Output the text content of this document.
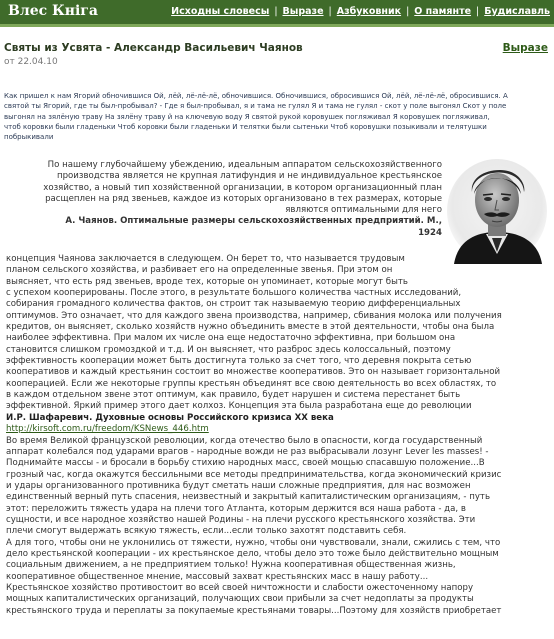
Влес Кнiга	Исходны словесы | Выразе | Азбуковник | О памянте | Будиславль
Святы из Усвята - Александр Васильевич Чаянов	Выразе
от 22.04.10
Как пришел к нам Ягорий обночившися Ой, лёй, лё-лё-лё, обночившися. Обночившися, обросившися Ой, лёй, лё-лё-лё, обросившися. А
святой ты Ягорий, где ты был-пробывал? - Где я был-пробывал, я и тама не гулял Я и тама не гулял - скот у поле выгонял Скот у поле
выгонял на зялёную траву На зялёну траву й на ключевую воду Я святой рукой коровушек погляживал Я коровушек погляживал,
чтоб коровки были гладеньки Чтоб коровки были гладеньки И телятки были сытеньки Чтоб коровушки позыкивали и телятушки
побрыкивали
По нашему глубочайшему убеждению, идеальным аппаратом сельскохозяйственного
производства является не крупная латифундия и не индивидуальное крестьянское
хозяйство, а новый тип хозяйственной организации, в котором организационный план
расщеплен на ряд звеньев, каждое из которых организовано в тех размерах, которые
являются оптимальными для него
А. Чаянов. Оптимальные размеры сельскохозяйственных предприятий. М.,
1924
концепция Чаянова заключается в следующем. Он берет то, что называется трудовым
планом сельского хозяйства, и разбивает его на определенные звенья. При этом он
выясняет, что есть ряд звеньев, вроде тех, которые он упоминает, которые могут быть
с успехом кооперированы. После этого, в результате большого количества частных исследований,
собирания громадного количества фактов, он строит так называемую теорию дифференциальных
оптимумов. Это означает, что для каждого звена производства, например, сбивания молока или получения
кредитов, он выясняет, сколько хозяйств нужно объединить вместе в этой деятельности, чтобы она была
наиболее эффективна. При малом их числе она еще недостаточно эффективна, при большом она
становится слишком громоздкой и т.д. И он выясняет, что разброс здесь колоссальный, поэтому
эффективность кооперации может быть достигнута только за счет того, что деревня покрыта сетью
кооперативов и каждый крестьянин состоит во множестве кооперативов. Это он называет горизонтальной
кооперацией. Если же некоторые группы крестьян объединят все свою деятельность во всех областях, то
в каждом отдельном звене этот оптимум, как правило, будет нарушен и система перестанет быть
эффективной. Яркий пример этого дает колхоз. Концепция эта была разработана еще до революции
И.Р. Шафаревич. Духовные основы Российского кризиса XX века
http://kirsoft.com.ru/freedom/KSNews_446.htm
Во время Великой французской революции, когда отечество было в опасности, когда государственный
аппарат колебался под ударами врагов - народные вожди не раз выбрасывали лозунг Lever les masses! -
Поднимайте массы - и бросали в борьбу стихию народных масс, своей мощью спасавшую положение...В
грозный час, когда окажутся бессильными все методы предпринимательства, когда экономический кризис
и удары организованного противника будут сметать наши сложные предприятия, для нас возможен
единственный верный путь спасения, неизвестный и закрытый капиталистическим организациям, - путь
этот: переложить тяжесть удара на плечи того Атланта, которым держится вся наша работа - да, в
сущности, и все народное хозяйство нашей Родины - на плечи русского крестьянского хозяйства. Эти
плечи смогут выдержать всякую тяжесть, если...если только захотят подставить себя.
А для того, чтобы они не уклонились от тяжести, нужно, чтобы они чувствовали, знали, сжились с тем, что
дело крестьянской кооперации - их крестьянское дело, чтобы дело это тоже было действительно мощным
социальным движением, а не предприятием только! Нужна кооперативная общественная жизнь,
кооперативное общественное мнение, массовый захват крестьянских масс в нашу работу...
Крестьянское хозяйство противостоит во всей своей ничтожности и слабости ожесточенному напору
мощных капиталистических организаций, получающих свои прибыли за счет недоплаты за продукты
крестьянского труда и переплаты за покупаемые крестьянами товары...Поэтому для хозяйств приобретает
